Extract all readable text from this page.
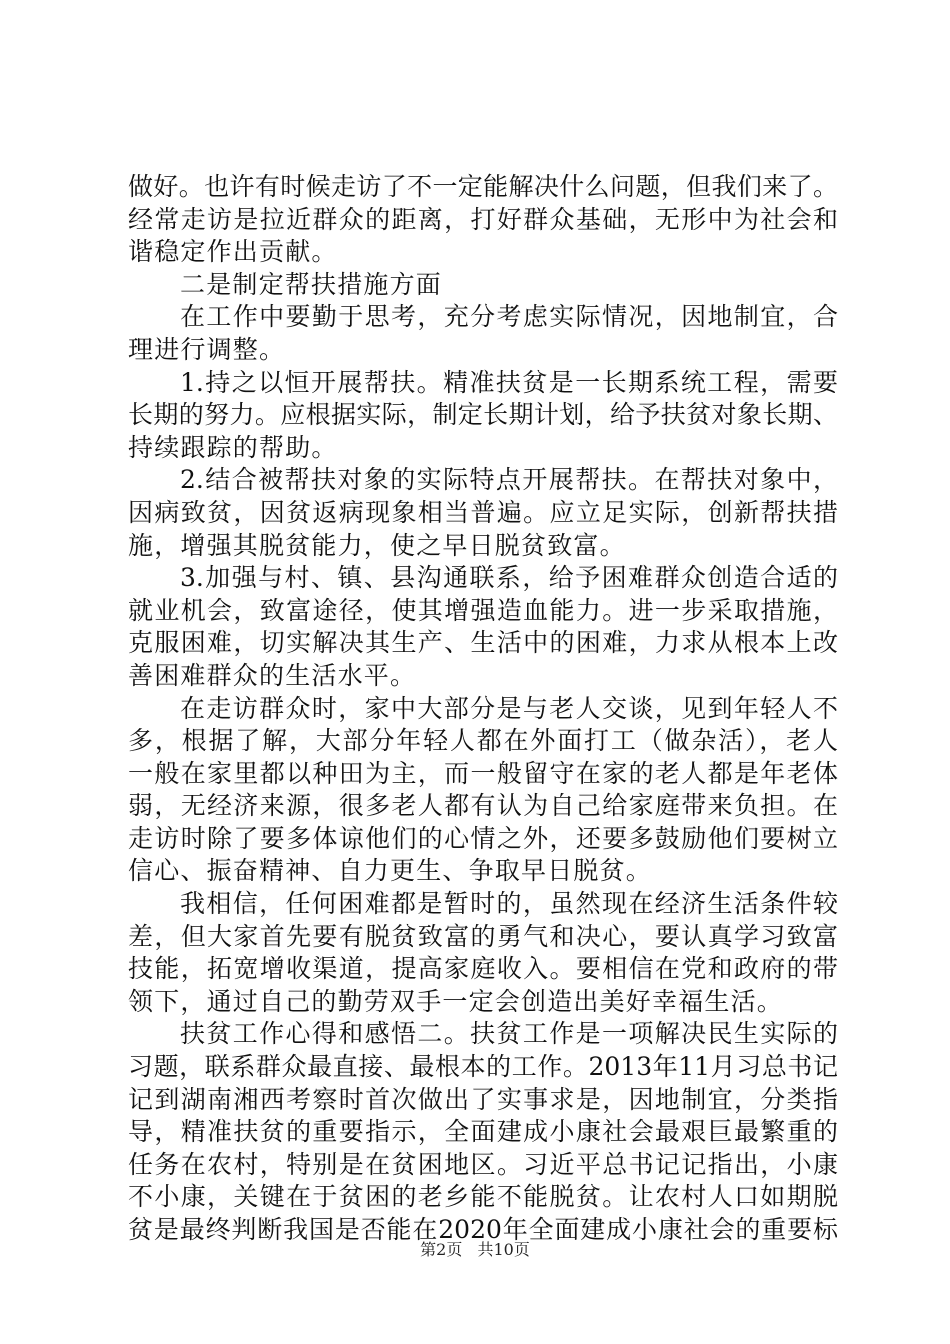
做好。也许有时候走访了不一定能解决什么问题，但我们来了。
经常走访是拉近群众的距离，打好群众基础，无形中为社会和
谐稳定作出贡献。
二是制定帮扶措施方面
在工作中要勤于思考，充分考虑实际情况，因地制宜，合
理进行调整。
1.持之以恒开展帮扶。精准扶贫是一长期系统工程，需要
长期的努力。应根据实际，制定长期计划，给予扶贫对象长期、
持续跟踪的帮助。
2.结合被帮扶对象的实际特点开展帮扶。在帮扶对象中，
因病致贫，因贫返病现象相当普遍。应立足实际，创新帮扶措
施，增强其脱贫能力，使之早日脱贫致富。
3.加强与村、镇、县沟通联系，给予困难群众创造合适的
就业机会，致富途径，使其增强造血能力。进一步采取措施，
克服困难，切实解决其生产、生活中的困难，力求从根本上改
善困难群众的生活水平。
在走访群众时，家中大部分是与老人交谈，见到年轻人不
多，根据了解，大部分年轻人都在外面打工（做杂活），老人
一般在家里都以种田为主，而一般留守在家的老人都是年老体
弱，无经济来源，很多老人都有认为自己给家庭带来负担。在
走访时除了要多体谅他们的心情之外，还要多鼓励他们要树立
信心、振奋精神、自力更生、争取早日脱贫。
我相信，任何困难都是暂时的，虽然现在经济生活条件较
差，但大家首先要有脱贫致富的勇气和决心，要认真学习致富
技能，拓宽增收渠道，提高家庭收入。要相信在党和政府的带
领下，通过自己的勤劳双手一定会创造出美好幸福生活。
扶贫工作心得和感悟二。扶贫工作是一项解决民生实际的
习题，联系群众最直接、最根本的工作。2013年11月习总书记
记到湖南湘西考察时首次做出了实事求是，因地制宜，分类指
导，精准扶贫的重要指示，全面建成小康社会最艰巨最繁重的
任务在农村，特别是在贫困地区。习近平总书记记指出，小康
不小康，关键在于贫困的老乡能不能脱贫。让农村人口如期脱
贫是最终判断我国是否能在2020年全面建成小康社会的重要标
第2页 共10页
